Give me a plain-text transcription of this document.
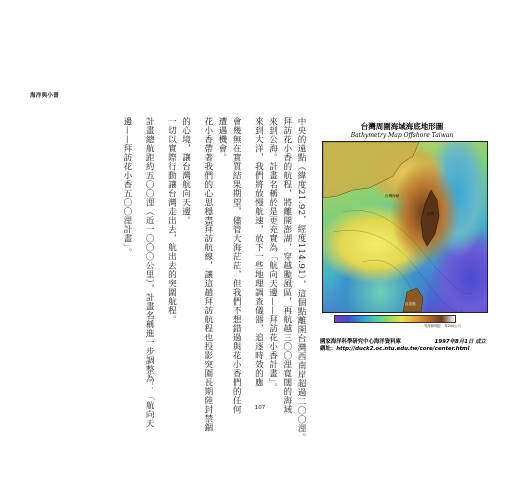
海洋與小書

中央的遠點（緯度21.92，經度114.91），這個點離開台灣西南岸超過二〇〇浬。

拜訪花小香的航程，將離開澎湖，穿越颱風區，再航越三〇〇浬寬闊的海域

來到公海。計畫名稱於是更充實為「航向天邊——拜訪花小香計畫」。

來到大洋，我們將放慢航速，放下一些地理調查儀器，追逐時效的應

會幾無在實質結果期望，儘管大海茫茫，但我們不想錯過與花小香們的任何

遭遇機會。

花小香帶著我們的心思穩盡拜訪航線，讓這趟拜訪航程也投影突圍長期陸封禁錮

的心境，讓台灣航向天邊。

一切以實際行動讓台灣走出去，航出去的突圍航程。

計畫總航距約五〇〇浬（近一〇〇〇公里），計畫名稱進一步調整為：「航向天

邊——拜訪花小香五〇〇浬計畫」。	台灣周圍海域海底地形圖
Bathymetry Map Offshore Taiwan
台灣
台灣海峽
呂宋島
等深線間距：每200公尺
國家海洋科學研究中心海洋資料庫	1997年8月1日 成立

網址：http://duck2.oc.ntu.edu.tw/core/center.html
107
